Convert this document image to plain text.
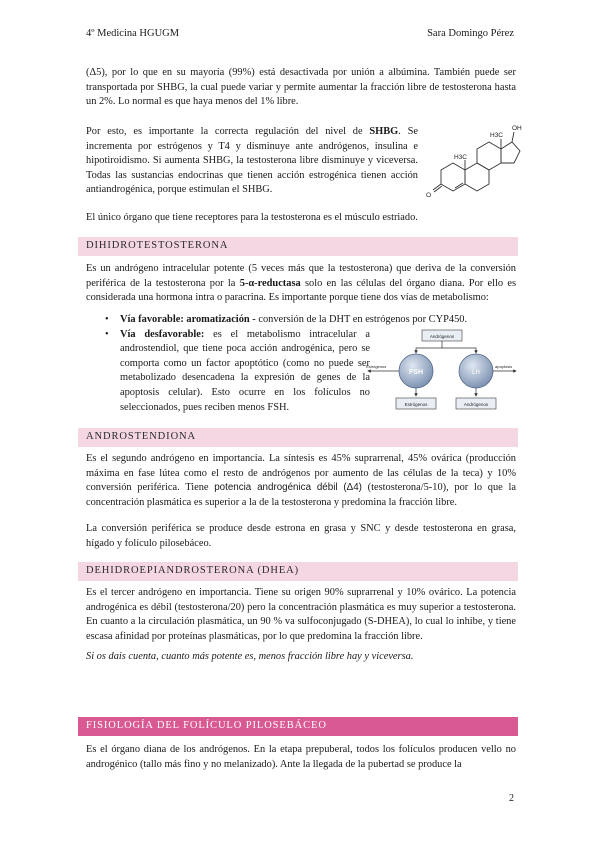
4º Medicina HGUGM	Sara Domingo Pérez

(Δ5), por lo que en su mayoría (99%) está desactivada por unión a albúmina. También puede ser transportada por SHBG, la cual puede variar y permite aumentar la fracción libre de testosterona hasta un 2%. Lo normal es que haya menos del 1% libre.

Por esto, es importante la correcta regulación del nivel de SHBG. Se incrementa por estrógenos y T4 y disminuye ante andrógenos, insulina e hipotiroidismo. Si aumenta SHBG, la testosterona libre disminuye y viceversa. Todas las sustancias endocrinas que tienen acción estrogénica tienen acción antiandrogénica, porque estimulan el SHBG.

OH
H3C
H3C
O

El único órgano que tiene receptores para la testosterona es el músculo estriado.

DIHIDROTESTOSTERONA

Es un andrógeno intracelular potente (5 veces más que la testosterona) que deriva de la conversión periférica de la testosterona por la 5-α-reductasa solo en las células del órgano diana. Por ello es considerada una hormona intra o paracrina. Es importante porque tiene dos vías de metabolismo:

• Vía favorable: aromatización - conversión de la DHT en estrógenos por CYP450.
• Vía desfavorable: es el metabolismo intracelular a androstendiol, que tiene poca acción androgénica, pero se comporta como un factor apoptótico (como no puede ser metabolizado desencadena la expresión de genes de la apoptosis celular). Esto ocurre en los folículos no seleccionados, pues reciben menos FSH.
Andrógenos
FSH	LH
Estrógenos	Andrógenos
Estrógenos	apoptosis
ANDROSTENDIONA

Es el segundo andrógeno en importancia. La síntesis es 45% suprarrenal, 45% ovárica (producción máxima en fase lútea como el resto de andrógenos por aumento de las células de la teca) y 10% conversión periférica. Tiene potencia androgénica débil (Δ4) (testosterona/5-10), por lo que la concentración plasmática es superior a la de la testosterona y predomina la fracción libre.

La conversión periférica se produce desde estrona en grasa y SNC y desde testosterona en grasa, hígado y folículo pilosebáceo.

DEHIDROEPIANDROSTERONA (DHEA)

Es el tercer andrógeno en importancia. Tiene su origen 90% suprarrenal y 10% ovárico. La potencia androgénica es débil (testosterona/20) pero la concentración plasmática es muy superior a testosterona. En cuanto a la circulación plasmática, un 90 % va sulfoconjugado (S-DHEA), lo cual lo inhibe, y tiene escasa afinidad por proteínas plasmáticas, por lo que predomina la fracción libre.

Si os dais cuenta, cuanto más potente es, menos fracción libre hay y viceversa.

FISIOLOGÍA DEL FOLÍCULO PILOSEBÁCEO

Es el órgano diana de los andrógenos. En la etapa prepuberal, todos los folículos producen vello no androgénico (tallo más fino y no melanizado). Ante la llegada de la pubertad se produce la

2
